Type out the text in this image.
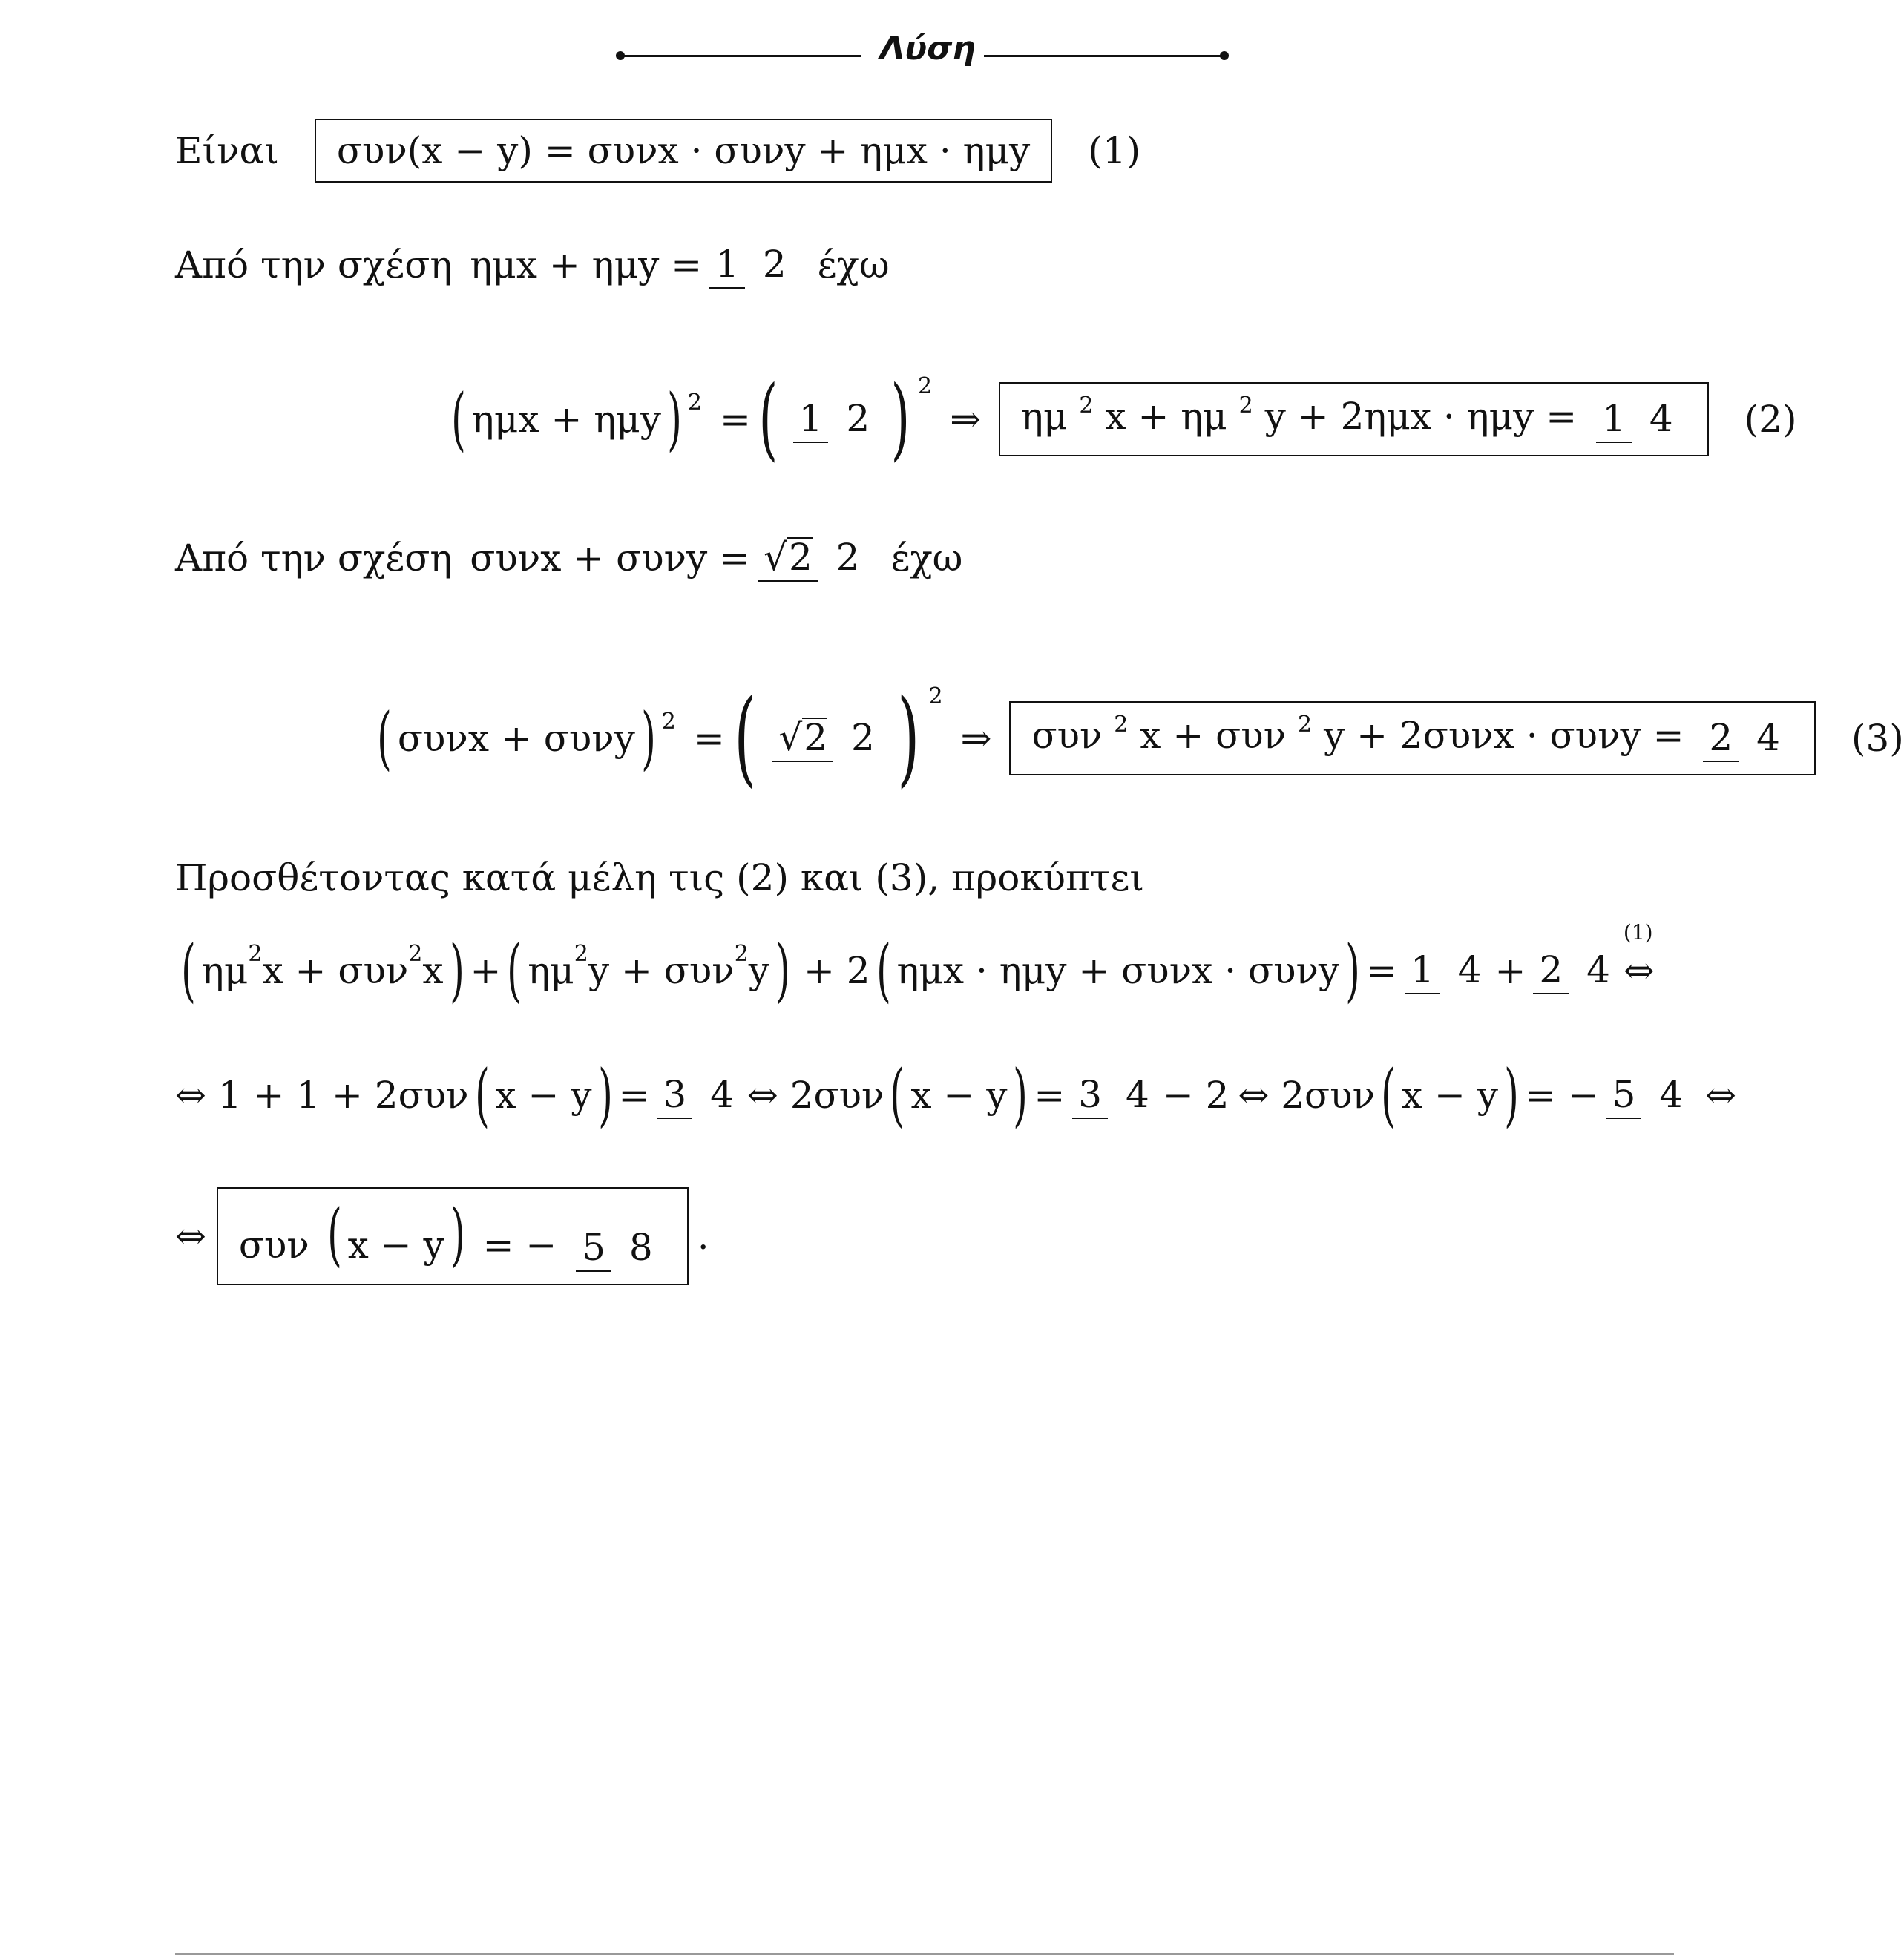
Λύση
Είναι	συν(x − y) = συνx · συνy + ημx · ημy	(1)
Από την σχέση ημx + ημy = 1 2 έχω
( ημx + ημy ) 2 = ( 1 2 ) 2
⇒	ημ 2 x + ημ 2 y + 2ημx · ημy = 1 4	(2)
Από την σχέση συνx + συνy = √2 2 έχω
( συνx + συνy ) 2 = ( √2 2 ) 2
⇒	συν 2 x + συν 2 y + 2συνx · συνy = 2 4	(3)
Προσθέτοντας κατά μέλη τις (2) και (3), προκύπτει
( ημ 2 x + συν 2 x ) + ( ημ 2 y + συν 2 y ) + 2 ( ημx · ημy + συνx · συνy ) = 1 4 + 2 4
(1)
⇔
⇔ 1 + 1 + 2συν ( x − y ) = 3 4 ⇔ 2συν ( x − y ) = 3 4 − 2 ⇔ 2συν ( x − y ) = − 5 4 ⇔
⇔ συν ( x − y) = − 5 8	.
